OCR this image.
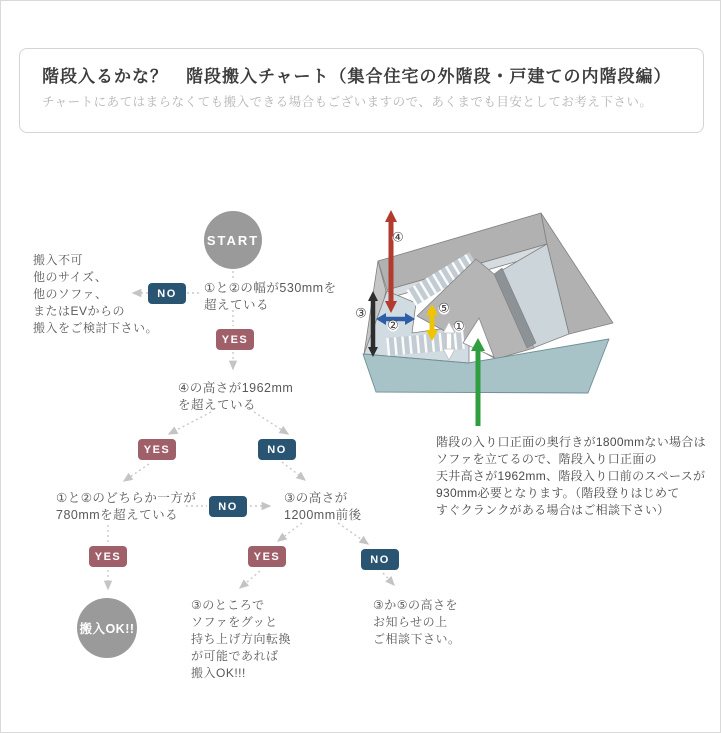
階段入るかな？　階段搬入チャート（集合住宅の外階段・戸建ての内階段編）
チャートにあてはまらなくても搬入できる場合もございますので、あくまでも目安としてお考え下さい。
START
搬入不可
他のサイズ、
他のソファ、
またはEVからの
搬入をご検討下さい。
NO	①と②の幅が530mmを
超えている
YES
④の高さが1962mm
を超えている
YES	NO
①と②のどちらか一方が
780mmを超えている
NO
③の高さが
1200mm前後
YES	YES	NO
搬入OK!!
③のところで
ソファをグッと
持ち上げ方向転換
が可能であれば
搬入OK!!!
③か⑤の高さを
お知らせの上
ご相談下さい。
④
③
②
⑤
①
階段の入り口正面の奥行きが1800mmない場合は
ソファを立てるので、階段入り口正面の
天井高さが1962mm、階段入り口前のスペースが
930mm必要となります。（階段登りはじめて
すぐクランクがある場合はご相談下さい）
